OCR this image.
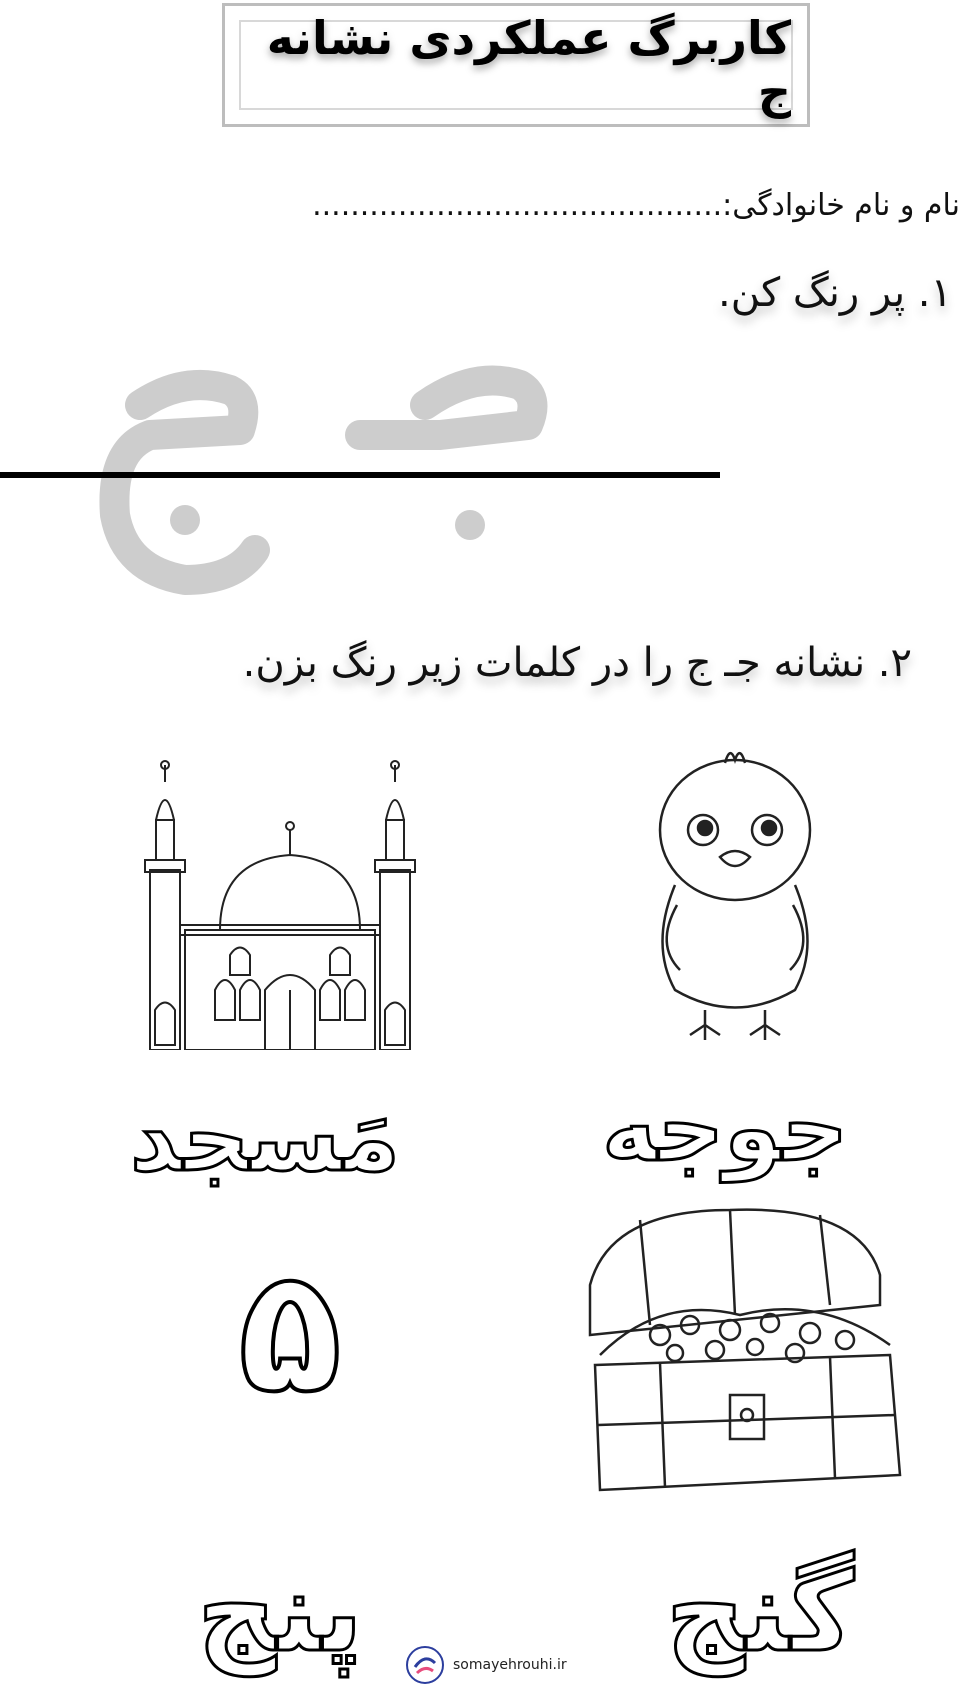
کاربرگ عملکردی نشانه ج
نام و نام خانوادگی:...........................................
۱. پر رنگ کن.
۲. نشانه جـ ج را در کلمات زیر رنگ بزن.
جوجه
مَسجد
۵
گنج
پنج	somayehrouhi.ir
